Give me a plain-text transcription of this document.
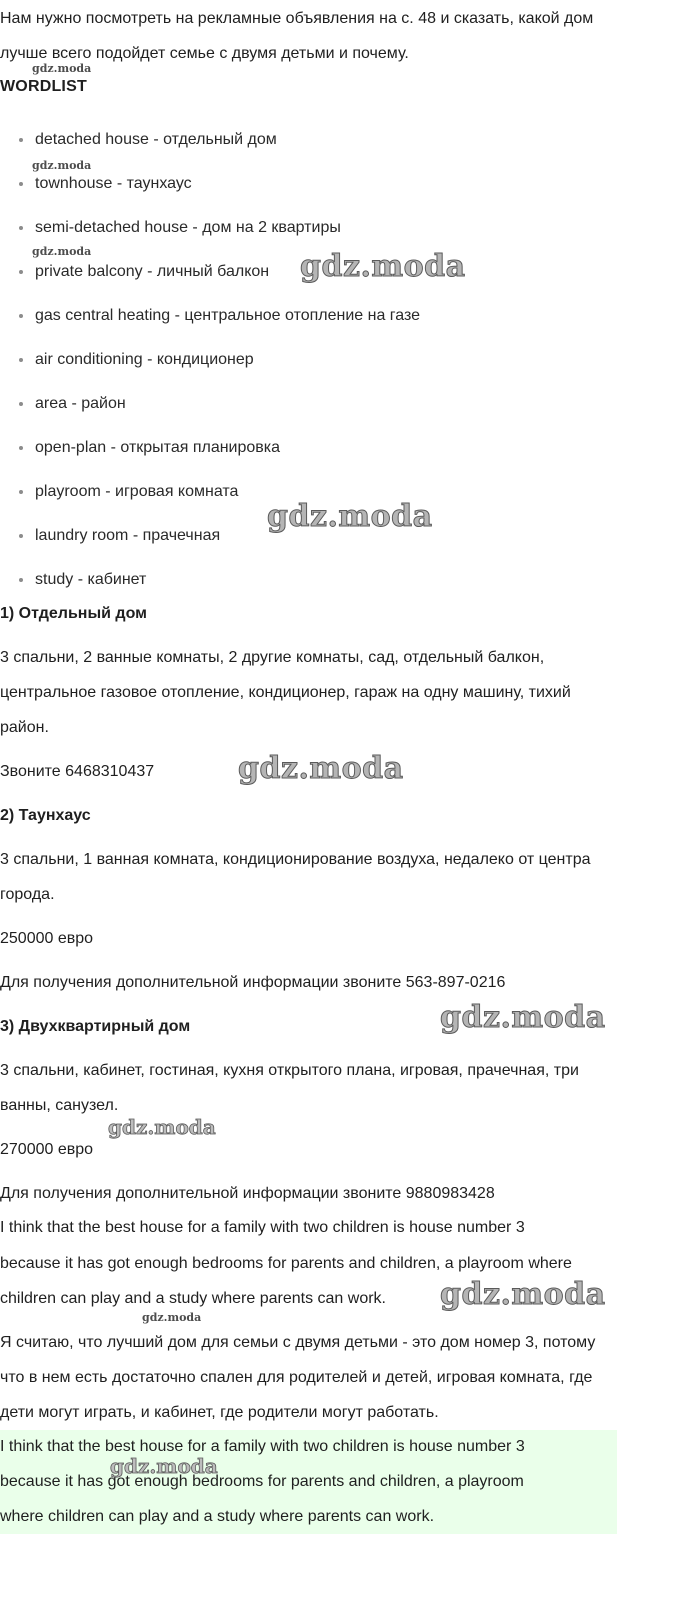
Нам нужно посмотреть на рекламные объявления на с. 48 и сказать, какой дом
лучше всего подойдет семье с двумя детьми и почему.
WORDLIST
detached house - отдельный дом
townhouse - таунхаус
semi-detached house - дом на 2 квартиры
private balcony - личный балкон
gas central heating - центральное отопление на газе
air conditioning - кондиционер
area - район
open-plan - открытая планировка
playroom - игровая комната
laundry room - прачечная
study - кабинет
1) Отдельный дом
3 спальни, 2 ванные комнаты, 2 другие комнаты, сад, отдельный балкон,
центральное газовое отопление, кондиционер, гараж на одну машину, тихий
район.
Звоните 6468310437
2) Таунхаус
3 спальни, 1 ванная комната, кондиционирование воздуха, недалеко от центра
города.
250000 евро
Для получения дополнительной информации звоните 563-897-0216
3) Двухквартирный дом
3 спальни, кабинет, гостиная, кухня открытого плана, игровая, прачечная, три
ванны, санузел.
270000 евро
Для получения дополнительной информации звоните 9880983428
I think that the best house for a family with two children is house number 3
because it has got enough bedrooms for parents and children, a playroom where
children can play and a study where parents can work.
Я считаю, что лучший дом для семьи с двумя детьми - это дом номер 3, потому
что в нем есть достаточно спален для родителей и детей, игровая комната, где
дети могут играть, и кабинет, где родители могут работать.
I think that the best house for a family with two children is house number 3
because it has got enough bedrooms for parents and children, a playroom
where children can play and a study where parents can work.
gdz.moda
gdz.moda
gdz.moda	gdz.moda
gdz.moda
gdz.moda
gdz.moda
gdz.moda
gdz.moda
gdz.moda
gdz.moda
